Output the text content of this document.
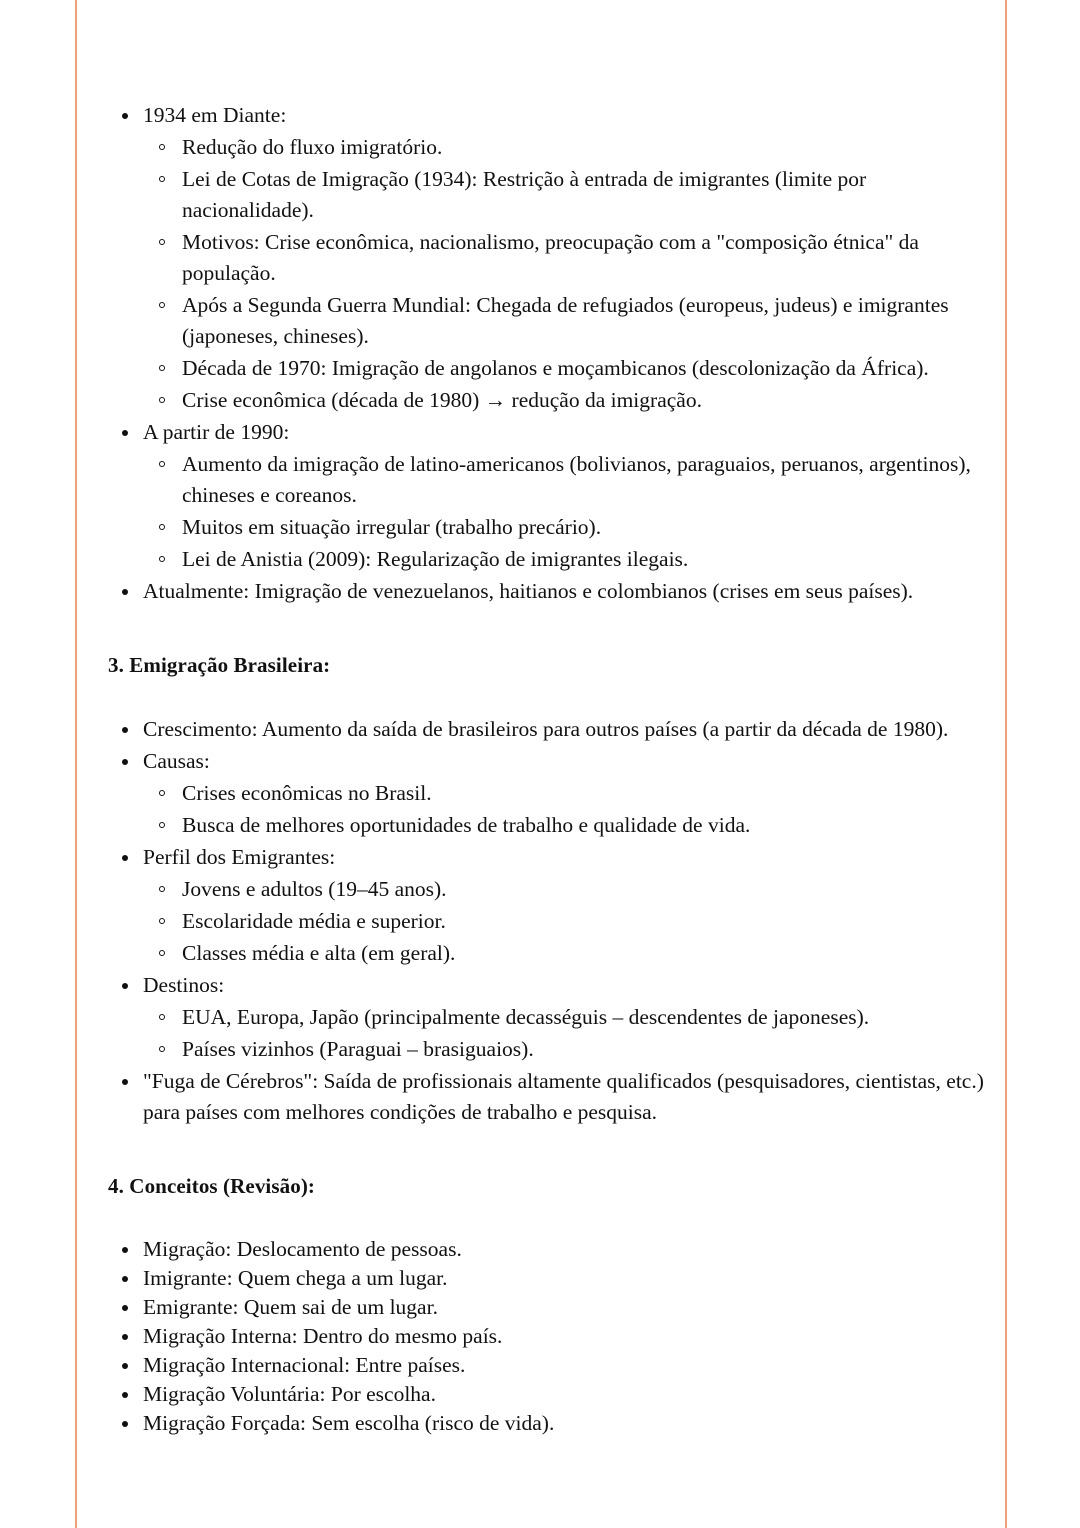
1934 em Diante:
Redução do fluxo imigratório.
Lei de Cotas de Imigração (1934): Restrição à entrada de imigrantes (limite por nacionalidade).
Motivos: Crise econômica, nacionalismo, preocupação com a "composição étnica" da população.
Após a Segunda Guerra Mundial: Chegada de refugiados (europeus, judeus) e imigrantes (japoneses, chineses).
Década de 1970: Imigração de angolanos e moçambicanos (descolonização da África).
Crise econômica (década de 1980) → redução da imigração.
A partir de 1990:
Aumento da imigração de latino-americanos (bolivianos, paraguaios, peruanos, argentinos), chineses e coreanos.
Muitos em situação irregular (trabalho precário).
Lei de Anistia (2009): Regularização de imigrantes ilegais.
Atualmente: Imigração de venezuelanos, haitianos e colombianos (crises em seus países).
3. Emigração Brasileira:
Crescimento: Aumento da saída de brasileiros para outros países (a partir da década de 1980).
Causas:
Crises econômicas no Brasil.
Busca de melhores oportunidades de trabalho e qualidade de vida.
Perfil dos Emigrantes:
Jovens e adultos (19–45 anos).
Escolaridade média e superior.
Classes média e alta (em geral).
Destinos:
EUA, Europa, Japão (principalmente decasséguis – descendentes de japoneses).
Países vizinhos (Paraguai – brasiguaios).
"Fuga de Cérebros": Saída de profissionais altamente qualificados (pesquisadores, cientistas, etc.) para países com melhores condições de trabalho e pesquisa.
4. Conceitos (Revisão):
Migração: Deslocamento de pessoas.
Imigrante: Quem chega a um lugar.
Emigrante: Quem sai de um lugar.
Migração Interna: Dentro do mesmo país.
Migração Internacional: Entre países.
Migração Voluntária: Por escolha.
Migração Forçada: Sem escolha (risco de vida).
